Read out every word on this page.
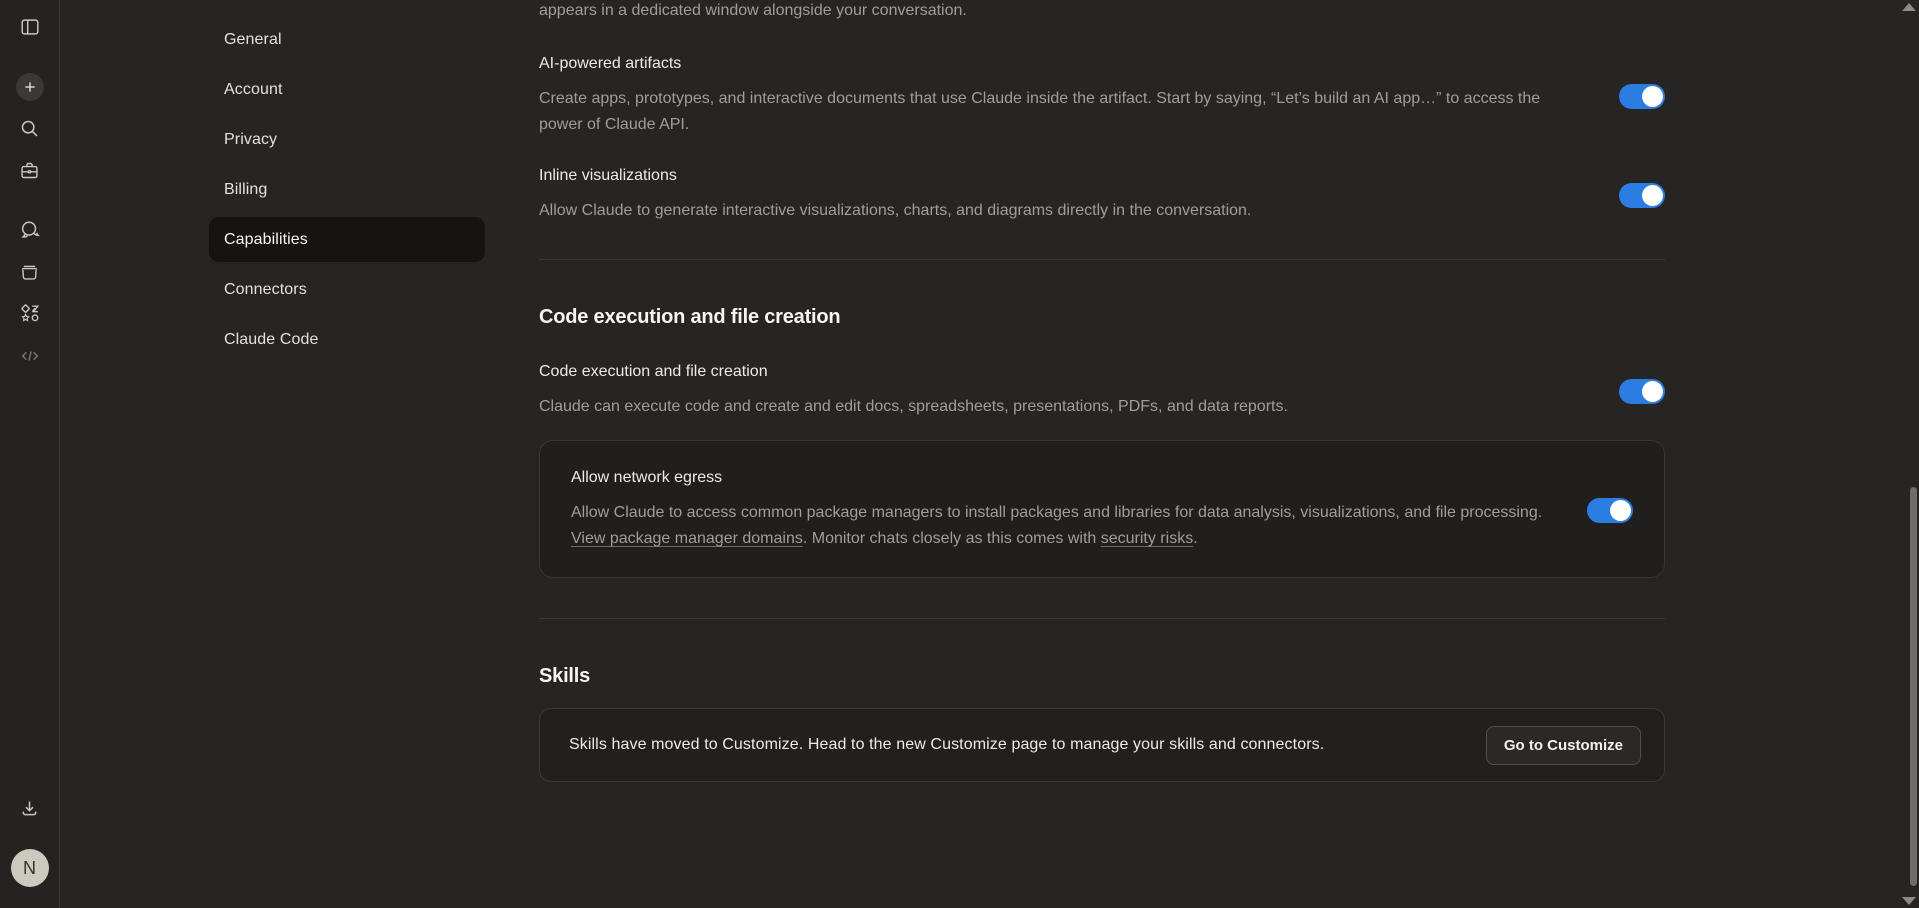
N
General
Account
Privacy
Billing
Capabilities
Connectors
Claude Code
appears in a dedicated window alongside your conversation.
AI-powered artifacts
Create apps, prototypes, and interactive documents that use Claude inside the artifact. Start by saying, “Let’s build an AI app…” to access the power of Claude API.
Inline visualizations
Allow Claude to generate interactive visualizations, charts, and diagrams directly in the conversation.
Code execution and file creation
Code execution and file creation
Claude can execute code and create and edit docs, spreadsheets, presentations, PDFs, and data reports.
Allow network egress
Allow Claude to access common package managers to install packages and libraries for data analysis, visualizations, and file processing. View package manager domains. Monitor chats closely as this comes with security risks.
Skills
Skills have moved to Customize. Head to the new Customize page to manage your skills and connectors.	Go to Customize
